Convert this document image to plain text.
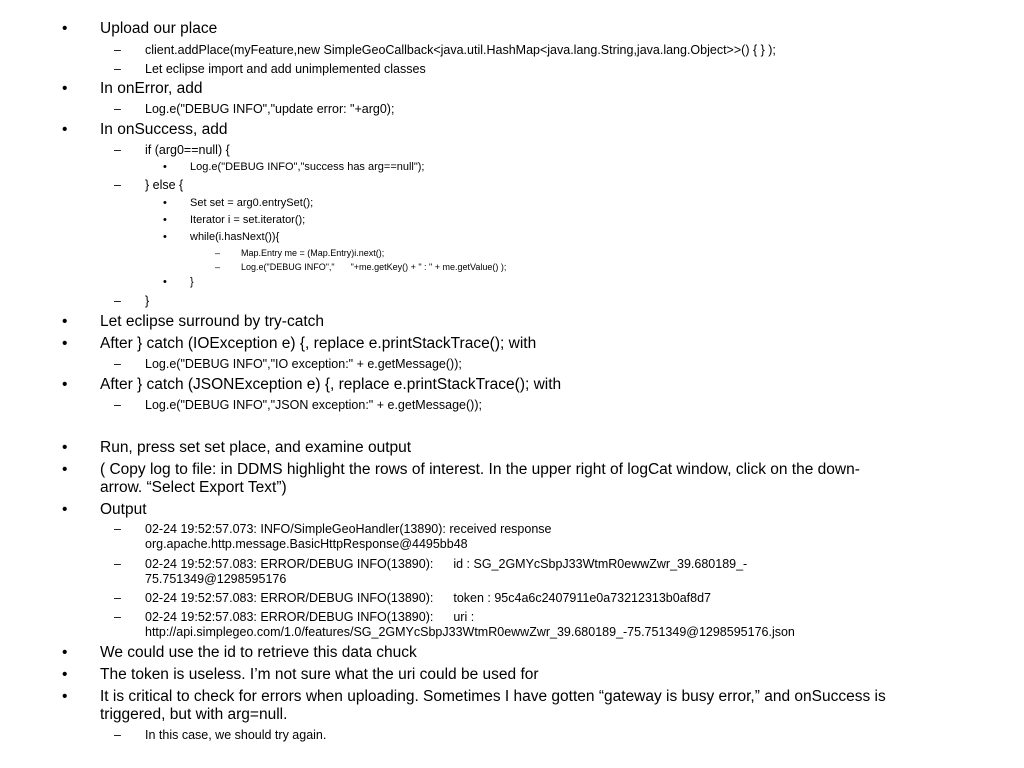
• Upload our place
– client.addPlace(myFeature,new SimpleGeoCallback<java.util.HashMap<java.lang.String,java.lang.Object>>() { } );
– Let eclipse import and add unimplemented classes
• In onError, add
– Log.e("DEBUG INFO","update error: "+arg0);
• In onSuccess, add
– if (arg0==null) {
• Log.e("DEBUG INFO","success has arg==null");
– } else {
• Set set = arg0.entrySet();
• Iterator i = set.iterator();
• while(i.hasNext()){
– Map.Entry me = (Map.Entry)i.next();
– Log.e("DEBUG INFO"," "+me.getKey() + " : " + me.getValue() );
• }
– }
• Let eclipse surround by try-catch
• After } catch (IOException e) {, replace e.printStackTrace(); with
– Log.e("DEBUG INFO","IO exception:" + e.getMessage());
• After } catch (JSONException e) {, replace e.printStackTrace(); with
– Log.e("DEBUG INFO","JSON exception:" + e.getMessage());
• Run, press set set place, and examine output
• ( Copy log to file: in DDMS highlight the rows of interest. In the upper right of logCat window, click on the down-
arrow. “Select Export Text”)
• Output
– 02-24 19:52:57.073: INFO/SimpleGeoHandler(13890): received response
org.apache.http.message.BasicHttpResponse@4495bb48
– 02-24 19:52:57.083: ERROR/DEBUG INFO(13890): id : SG_2GMYcSbpJ33WtmR0ewwZwr_39.680189_-
75.751349@1298595176
– 02-24 19:52:57.083: ERROR/DEBUG INFO(13890): token : 95c4a6c2407911e0a73212313b0af8d7
– 02-24 19:52:57.083: ERROR/DEBUG INFO(13890): uri :
http://api.simplegeo.com/1.0/features/SG_2GMYcSbpJ33WtmR0ewwZwr_39.680189_-75.751349@1298595176.json
• We could use the id to retrieve this data chuck
• The token is useless. I’m not sure what the uri could be used for
• It is critical to check for errors when uploading. Sometimes I have gotten “gateway is busy error,” and onSuccess is
triggered, but with arg=null.
– In this case, we should try again.
